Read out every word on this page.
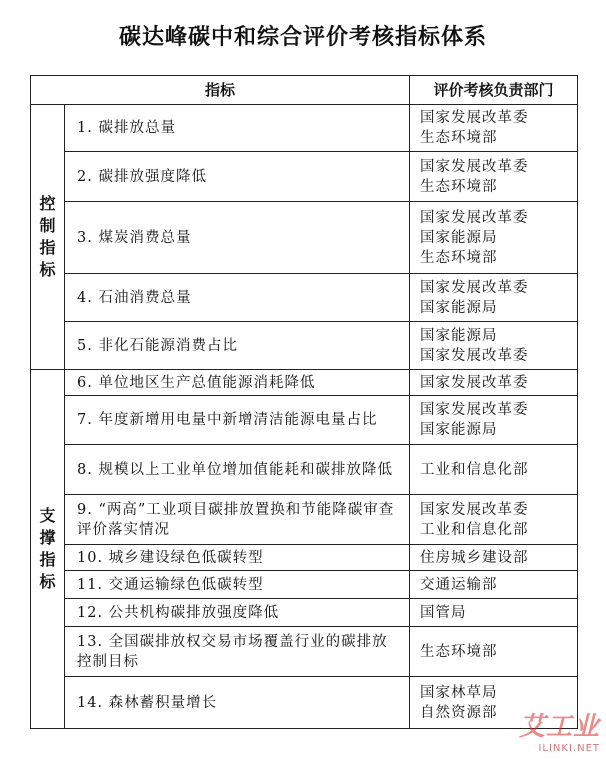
碳达峰碳中和综合评价考核指标体系
指标		评价考核负责部门
控制指标	1. 碳排放总量	国家发展改革委
生态环境部
	2. 碳排放强度降低	国家发展改革委
生态环境部
	3. 煤炭消费总量	国家发展改革委
国家能源局
生态环境部
	4. 石油消费总量	国家发展改革委
国家能源局
	5. 非化石能源消费占比	国家能源局
国家发展改革委
支撑指标	6. 单位地区生产总值能源消耗降低	国家发展改革委
	7. 年度新增用电量中新增清洁能源电量占比	国家发展改革委
国家能源局
	8. 规模以上工业单位增加值能耗和碳排放降低	工业和信息化部
	9. “两高”工业项目碳排放置换和节能降碳审查评价落实情况	国家发展改革委
工业和信息化部
	10. 城乡建设绿色低碳转型	住房城乡建设部
	11. 交通运输绿色低碳转型	交通运输部
	12. 公共机构碳排放强度降低	国管局
	13. 全国碳排放权交易市场覆盖行业的碳排放控制目标	生态环境部
	14. 森林蓄积量增长	国家林草局
自然资源部 艾工业
ILINKI.NET
